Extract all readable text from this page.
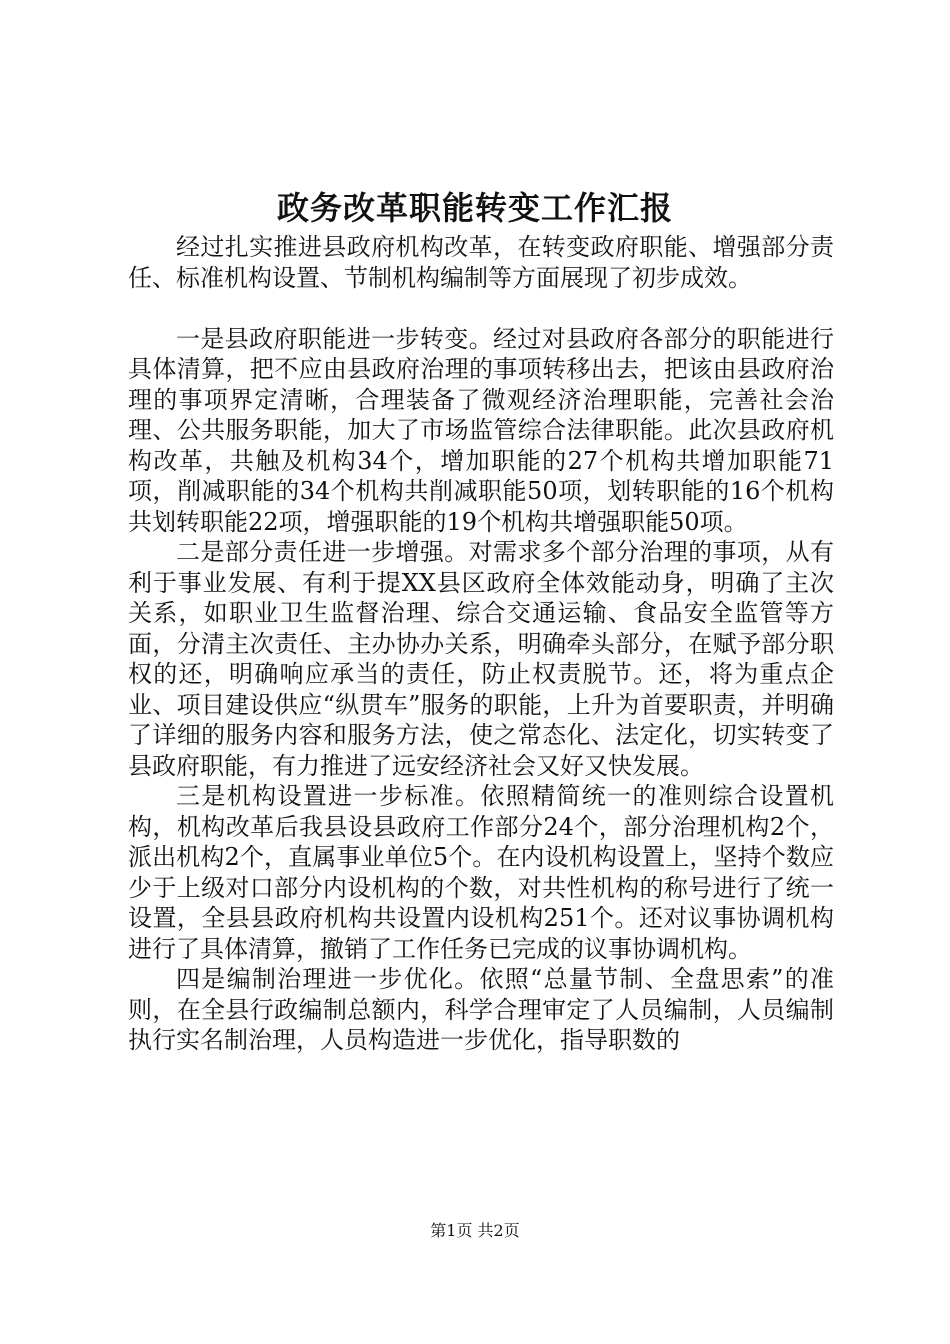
政务改革职能转变工作汇报

经过扎实推进县政府机构改革，在转变政府职能、增强部分责任、标准机构设置、节制机构编制等方面展现了初步成效。

一是县政府职能进一步转变。经过对县政府各部分的职能进行具体清算，把不应由县政府治理的事项转移出去，把该由县政府治理的事项界定清晰，合理装备了微观经济治理职能，完善社会治理、公共服务职能，加大了市场监管综合法律职能。此次县政府机构改革，共触及机构34个，增加职能的27个机构共增加职能71项，削减职能的34个机构共削减职能50项，划转职能的16个机构共划转职能22项，增强职能的19个机构共增强职能50项。

二是部分责任进一步增强。对需求多个部分治理的事项，从有利于事业发展、有利于提XX县区政府全体效能动身，明确了主次关系，如职业卫生监督治理、综合交通运输、食品安全监管等方面，分清主次责任、主办协办关系，明确牵头部分，在赋予部分职权的还，明确响应承当的责任，防止权责脱节。还，将为重点企业、项目建设供应“纵贯车”服务的职能，上升为首要职责，并明确了详细的服务内容和服务方法，使之常态化、法定化，切实转变了县政府职能，有力推进了远安经济社会又好又快发展。

三是机构设置进一步标准。依照精简统一的准则综合设置机构，机构改革后我县设县政府工作部分24个，部分治理机构2个，派出机构2个，直属事业单位5个。在内设机构设置上，坚持个数应少于上级对口部分内设机构的个数，对共性机构的称号进行了统一设置，全县县政府机构共设置内设机构251个。还对议事协调机构进行了具体清算，撤销了工作任务已完成的议事协调机构。

四是编制治理进一步优化。依照“总量节制、全盘思索”的准则，在全县行政编制总额内，科学合理审定了人员编制，人员编制执行实名制治理，人员构造进一步优化，指导职数的

第1页 共2页
